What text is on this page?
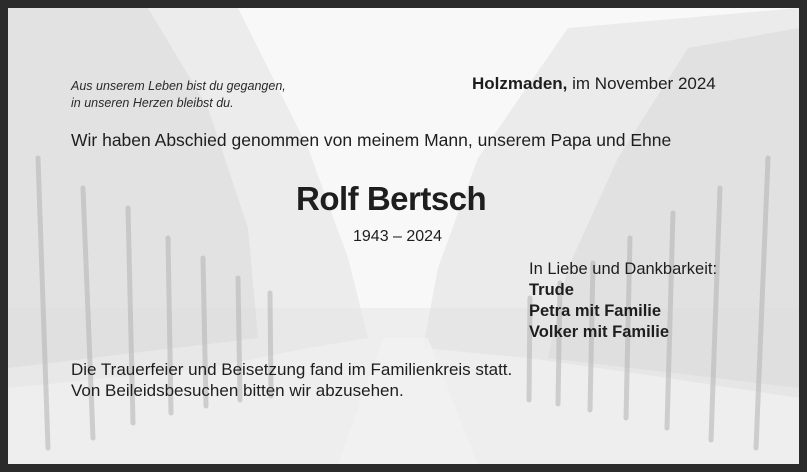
Aus unserem Leben bist du gegangen,
in unseren Herzen bleibst du.
Holzmaden, im November 2024
Wir haben Abschied genommen von meinem Mann, unserem Papa und Ehne
Rolf Bertsch
1943 – 2024
In Liebe und Dankbarkeit:
Trude
Petra mit Familie
Volker mit Familie
Die Trauerfeier und Beisetzung fand im Familienkreis statt.
Von Beileidsbesuchen bitten wir abzusehen.
